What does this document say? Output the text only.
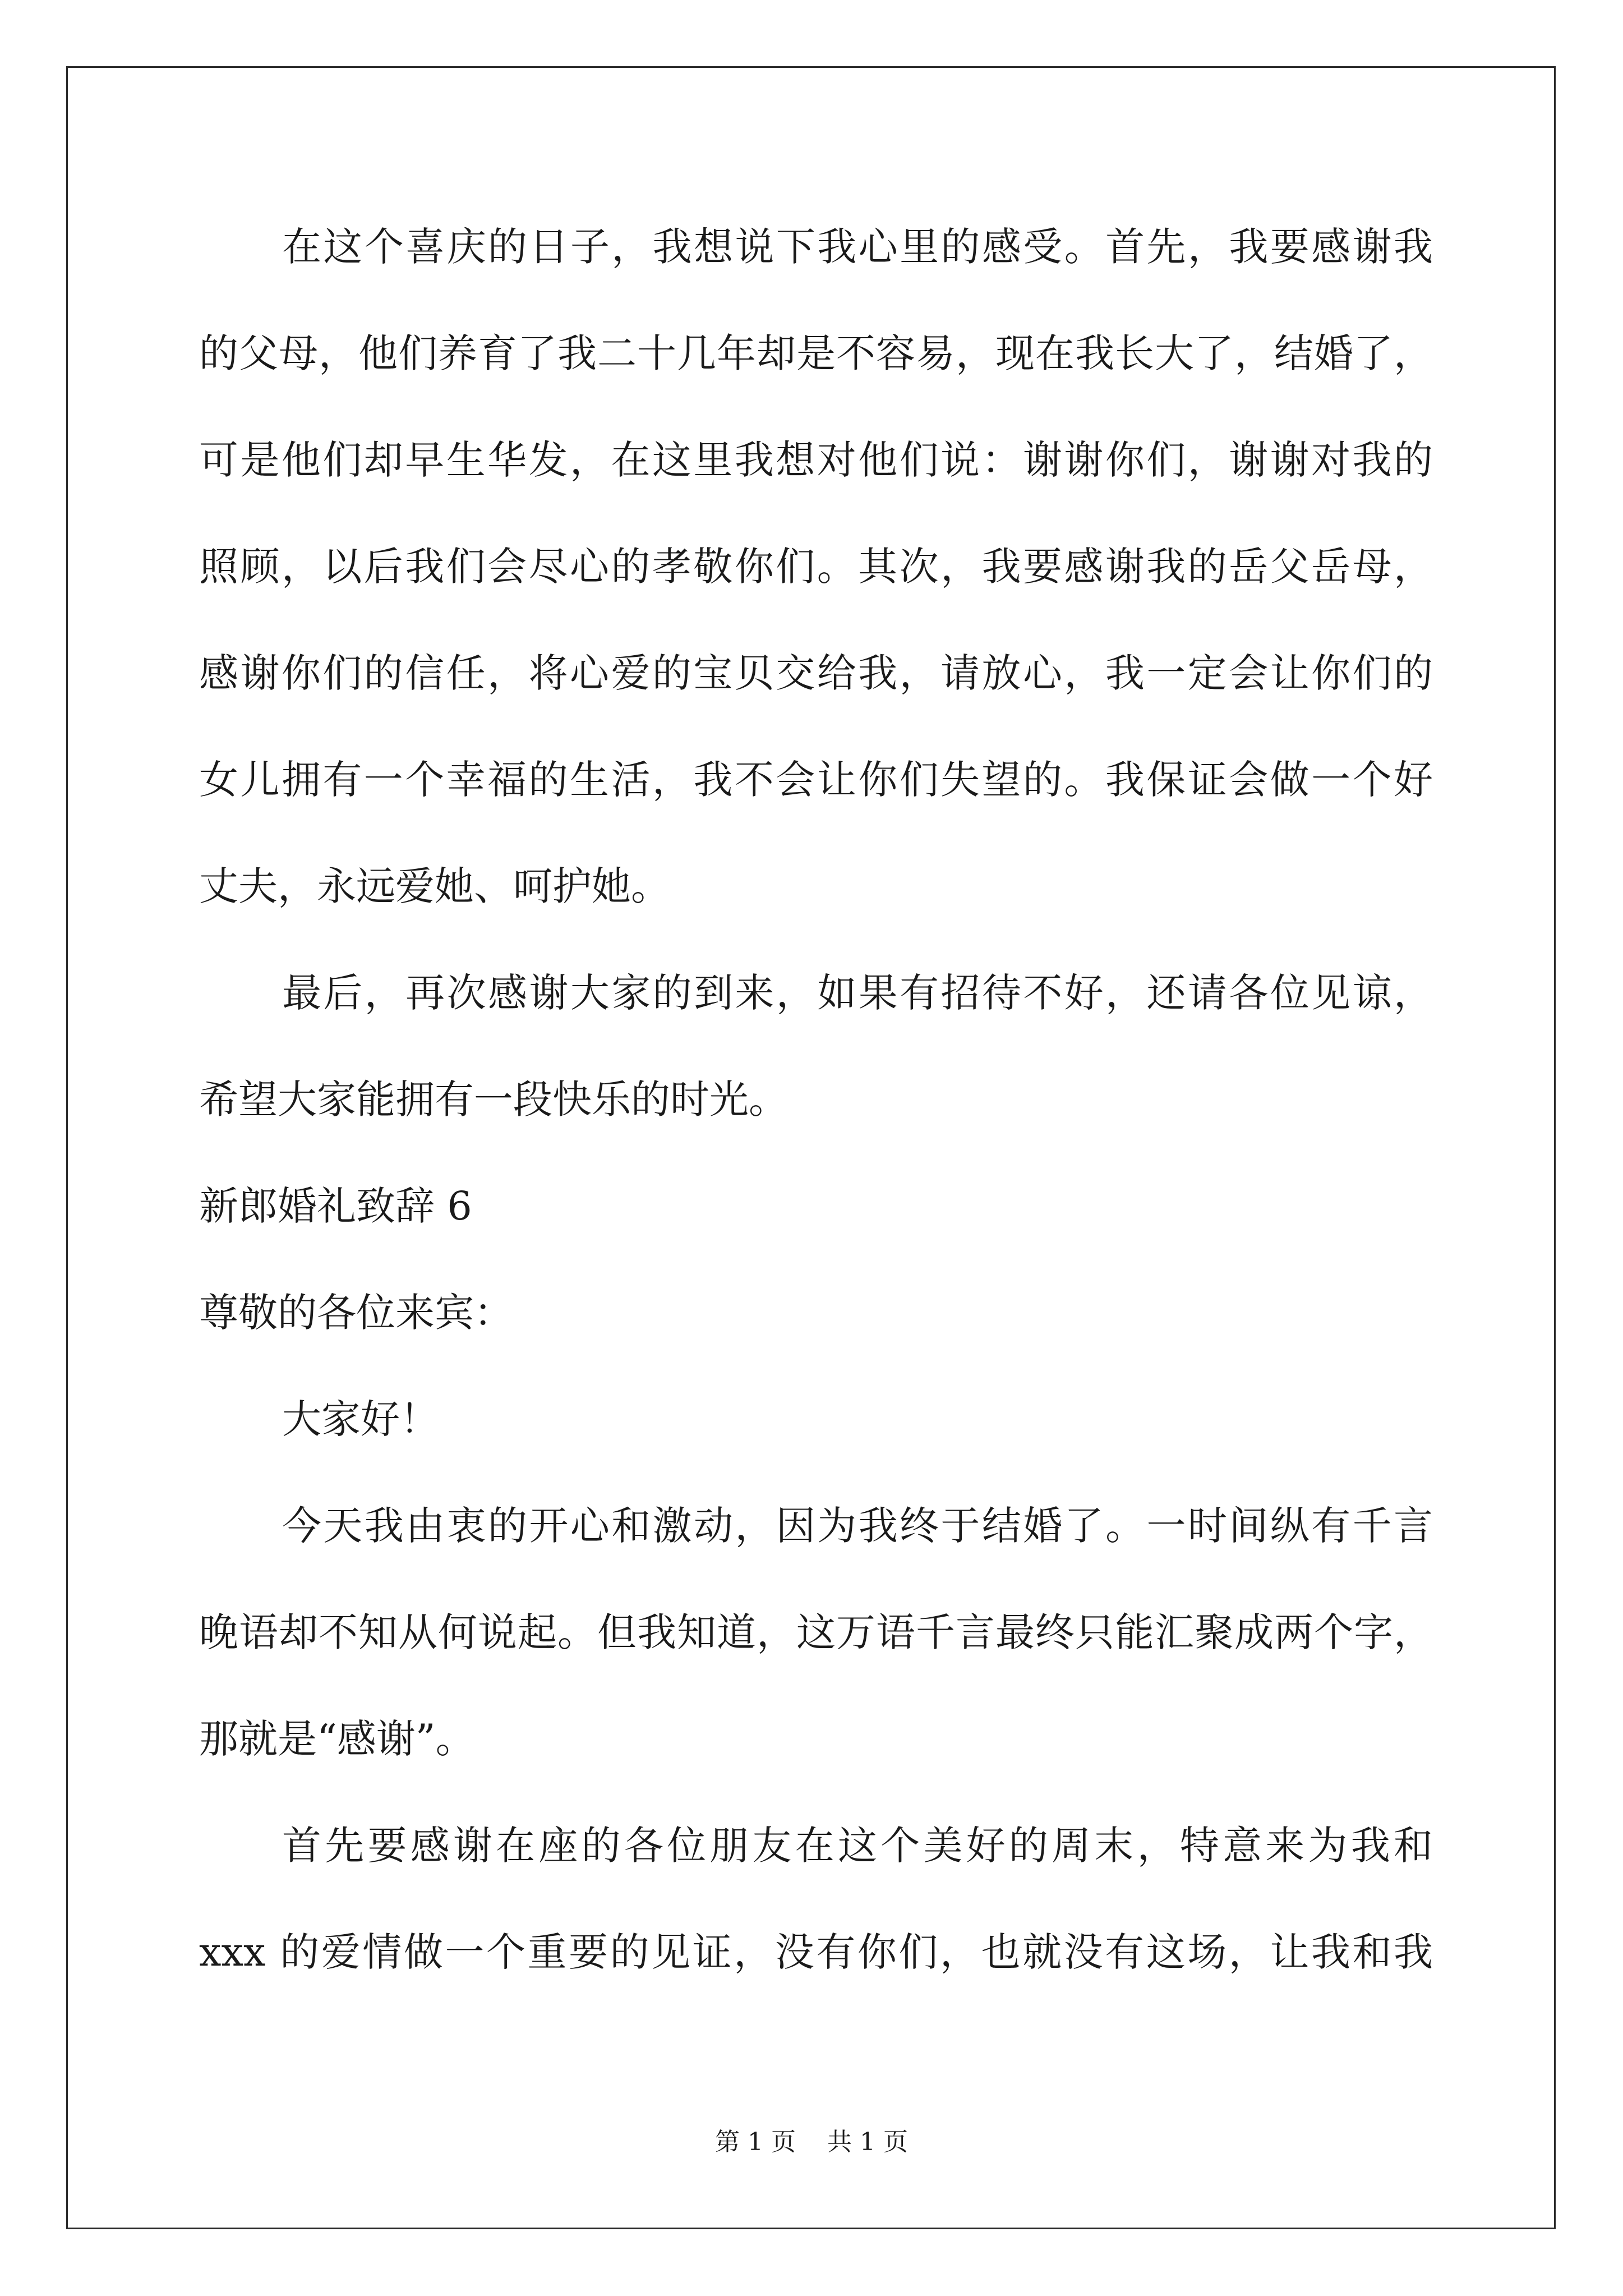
在这个喜庆的日子，我想说下我心里的感受。首先，我要感谢我
的父母，他们养育了我二十几年却是不容易，现在我长大了，结婚了，
可是他们却早生华发，在这里我想对他们说：谢谢你们，谢谢对我的
照顾，以后我们会尽心的孝敬你们。其次，我要感谢我的岳父岳母，
感谢你们的信任，将心爱的宝贝交给我，请放心，我一定会让你们的
女儿拥有一个幸福的生活，我不会让你们失望的。我保证会做一个好
丈夫，永远爱她、呵护她。
最后，再次感谢大家的到来，如果有招待不好，还请各位见谅，
希望大家能拥有一段快乐的时光。
新郎婚礼致辞 6
尊敬的各位来宾：
大家好！
今天我由衷的开心和激动，因为我终于结婚了。一时间纵有千言
晚语却不知从何说起。但我知道，这万语千言最终只能汇聚成两个字，
那就是“感谢”。
首先要感谢在座的各位朋友在这个美好的周末，特意来为我和
xxx 的爱情做一个重要的见证，没有你们，也就没有这场，让我和我
第 1 页 共 1 页
